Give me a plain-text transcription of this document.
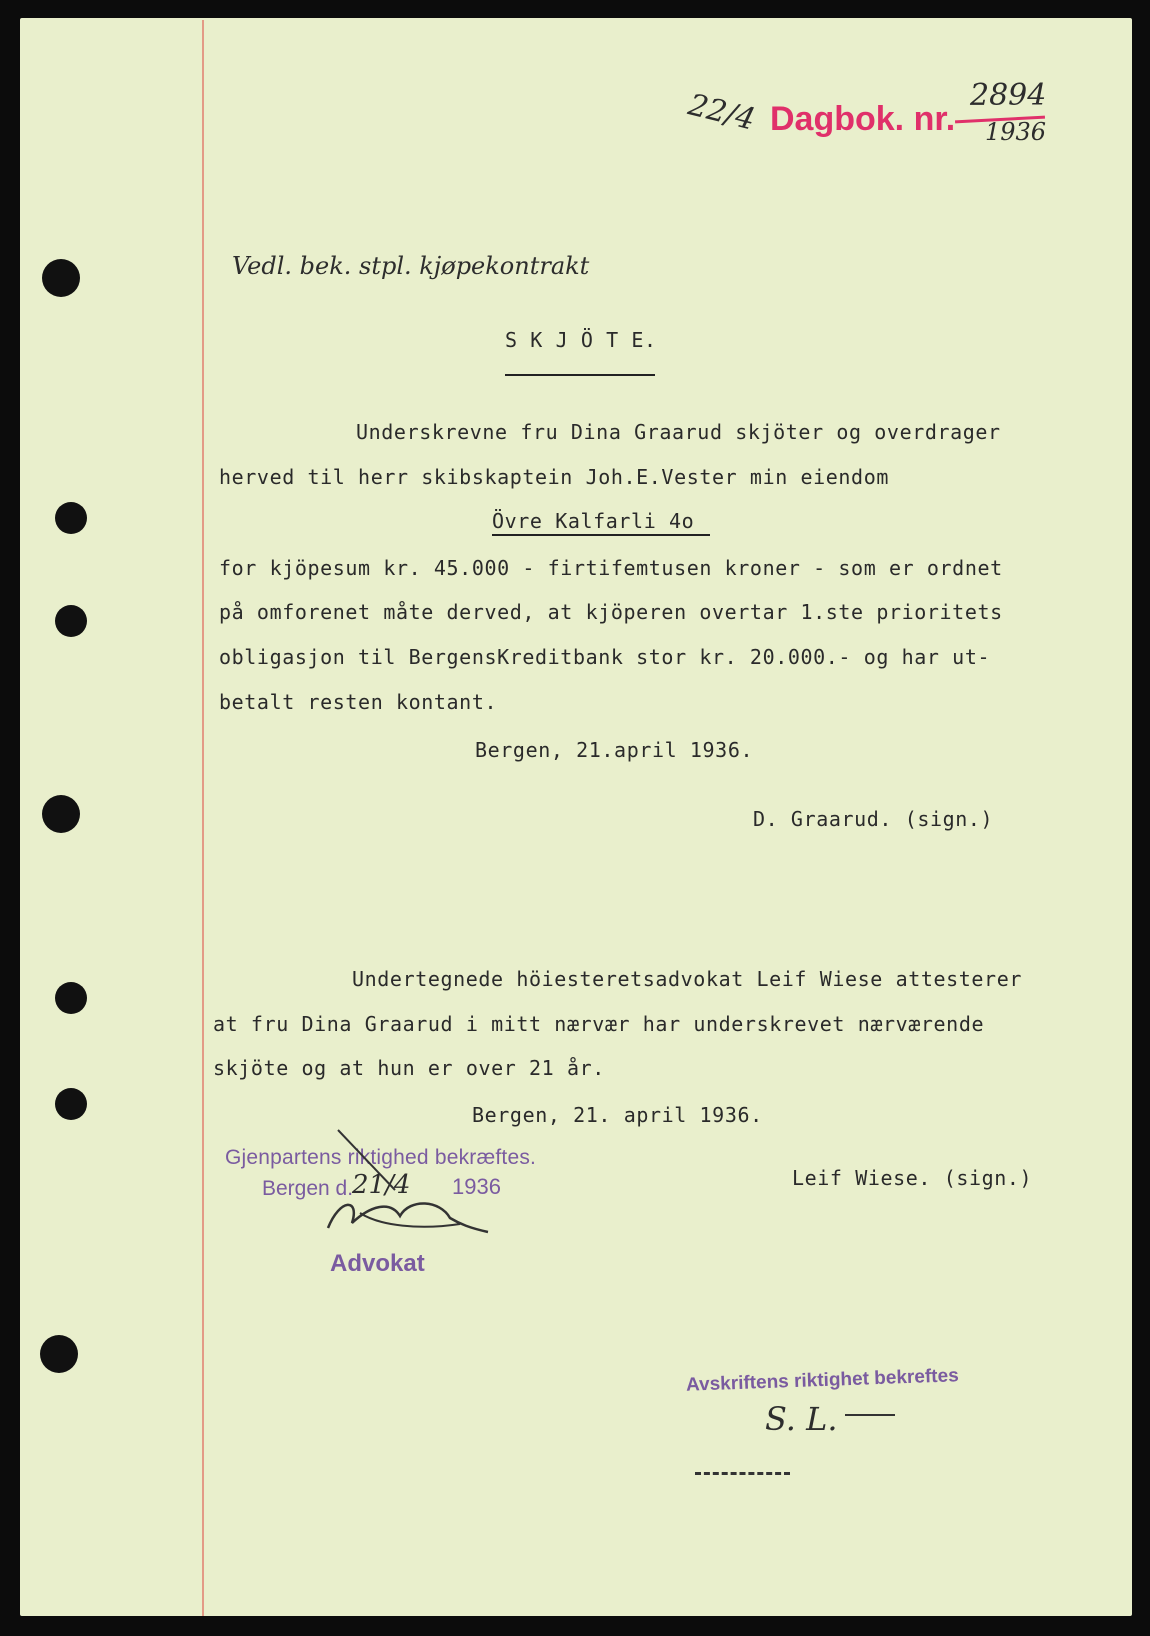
22/4 Dagbok. nr.
2894
1936
Vedl. bek. stpl. kjøpekontrakt
S K J Ö T E.
Underskrevne fru Dina Graarud skjöter og overdrager
herved til herr skibskaptein Joh.E.Vester min eiendom
Övre Kalfarli 4o
for kjöpesum kr. 45.000 - firtifemtusen kroner - som er ordnet
på omforenet måte derved, at kjöperen overtar 1.ste prioritets
obligasjon til BergensKreditbank stor kr. 20.000.- og har ut-
betalt resten kontant.
Bergen, 21.april 1936.
D. Graarud. (sign.)
Undertegnede höiesteretsadvokat Leif Wiese attesterer
at fru Dina Graarud i mitt nærvær har underskrevet nærværende
skjöte og at hun er over 21 år.
Bergen, 21. april 1936.
Leif Wiese. (sign.)
Gjenpartens riktighed bekræftes.
Bergen d.
21/4 1936
Advokat
Avskriftens riktighet bekreftes
S. L.
